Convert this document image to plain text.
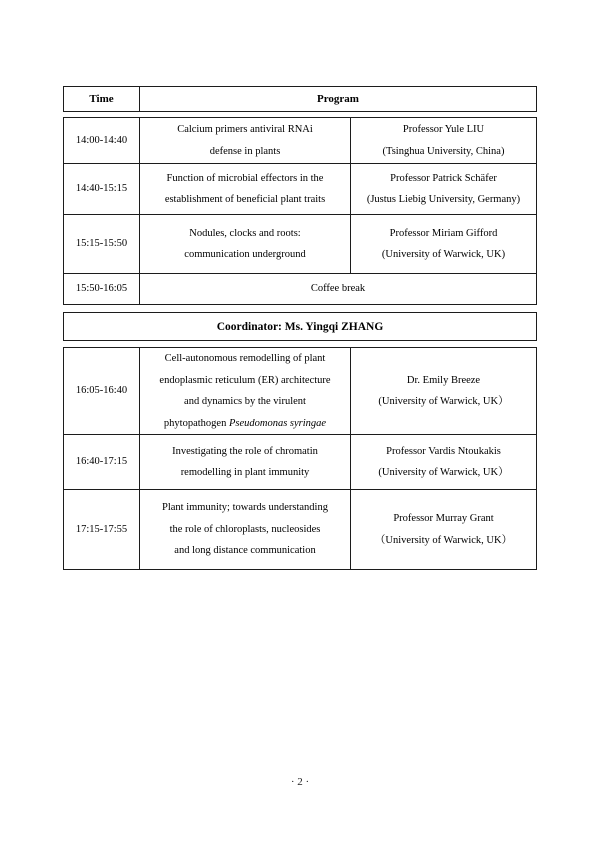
Time	Program
14:00-14:40
Calcium primers antiviral RNAi
defense in plants
Professor Yule LIU
(Tsinghua University, China)
14:40-15:15
Function of microbial effectors in the
establishment of beneficial plant traits
Professor Patrick Schäfer
(Justus Liebig University, Germany)
15:15-15:50
Nodules, clocks and roots:
communication underground
Professor Miriam Gifford
(University of Warwick, UK)
15:50-16:05	Coffee break
Coordinator: Ms. Yingqi ZHANG
16:05-16:40
Cell-autonomous remodelling of plant
endoplasmic reticulum (ER) architecture
and dynamics by the virulent
phytopathogen Pseudomonas syringae
Dr. Emily Breeze
(University of Warwick, UK）
16:40-17:15
Investigating the role of chromatin
remodelling in plant immunity
Professor Vardis Ntoukakis
(University of Warwick, UK）
17:15-17:55
Plant immunity; towards understanding
the role of chloroplasts, nucleosides
and long distance communication
Professor Murray Grant
（University of Warwick, UK）
· 2 ·
